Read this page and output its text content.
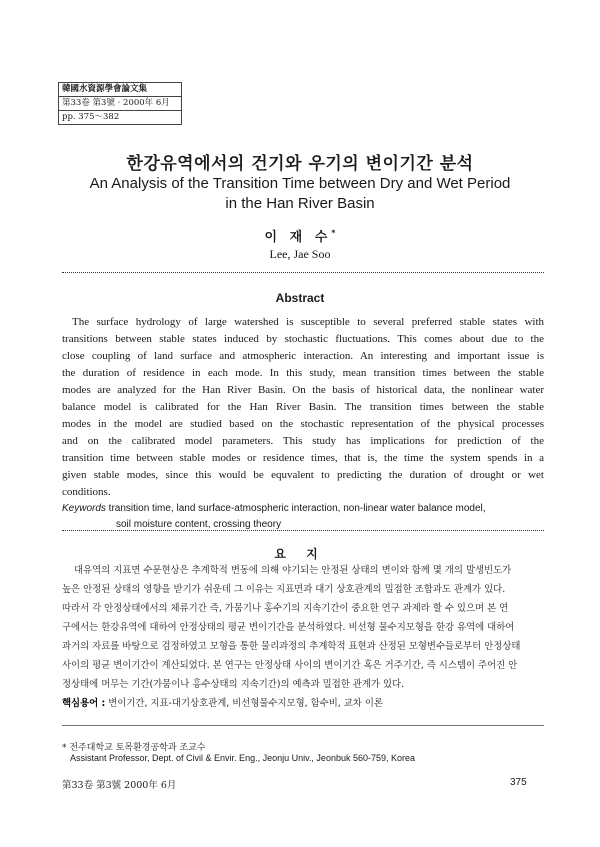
韓國水資源學會論文集
第33卷 第3號 · 2000年 6月
pp. 375～382
한강유역에서의 건기와 우기의 변이기간 분석
An Analysis of the Transition Time between Dry and Wet Period
in the Han River Basin
이 재 수*
Lee, Jae Soo
Abstract
The surface hydrology of large watershed is susceptible to several preferred stable states with
transitions between stable states induced by stochastic fluctuations. This comes about due to the
close coupling of land surface and atmospheric interaction. An interesting and important issue is
the duration of residence in each mode. In this study, mean transition times between the stable
modes are analyzed for the Han River Basin. On the basis of historical data, the nonlinear water
balance model is calibrated for the Han River Basin. The transition times between the stable
modes in the model are studied based on the stochastic representation of the physical processes
and on the calibrated model parameters. This study has implications for prediction of the
transition time between stable modes or residence times, that is, the time the system spends in a
given stable modes, since this would be equvalent to predicting the duration of drought or wet
conditions.
Keywords transition time, land surface-atmospheric interaction, non-linear water balance model,
soil moisture content, crossing theory
요 지
대유역의 지표면 수문현상은 추계학적 변동에 의해 야기되는 안정된 상태의 변이와 함께 몇 개의 발생빈도가
높은 안정된 상태의 영향을 받기가 쉬운데 그 이유는 지표면과 대기 상호관계의 밀접한 조합과도 관계가 있다.
따라서 각 안정상태에서의 체류기간 즉, 가뭄기나 홍수기의 지속기간이 중요한 연구 과제라 할 수 있으며 본 연
구에서는 한강유역에 대하여 안정상태의 평균 변이기간을 분석하였다. 비선형 물수지모형을 한강 유역에 대하여
과거의 자료를 바탕으로 검정하였고 모형을 통한 물리과정의 추계학적 표현과 산정된 모형변수들로부터 안정상태
사이의 평균 변이기간이 계산되었다. 본 연구는 안정상태 사이의 변이기간 혹은 거주기간, 즉 시스템이 주어진 안
정상태에 머무는 기간(가뭄이나 홍수상태의 지속기간)의 예측과 밀접한 관계가 있다.
핵심용어 : 변이기간, 지표-대기상호관계, 비선형물수지모형, 함수비, 교차 이론
* 전주대학교 토목환경공학과 조교수
Assistant Professor, Dept. of Civil & Envir. Eng., Jeonju Univ., Jeonbuk 560-759, Korea
第33卷 第3號 2000年 6月	375
